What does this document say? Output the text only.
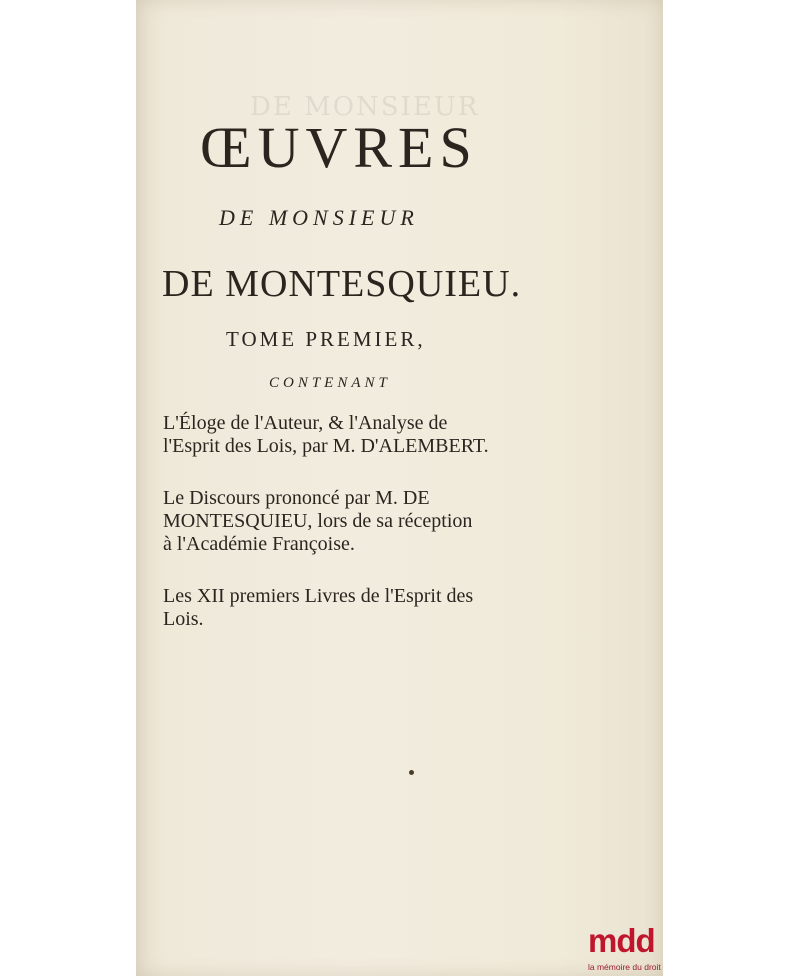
DE MONSIEUR
ŒUVRES
DE MONSIEUR
DE MONTESQUIEU.
TOME PREMIER,
CONTENANT
L'Éloge de l'Auteur, & l'Analyse de
l'Esprit des Lois, par M. D'ALEMBERT.
Le Discours prononcé par M. DE
MONTESQUIEU, lors de sa réception
à l'Académie Françoise.
Les XII premiers Livres de l'Esprit des
Lois.
mdd
la mémoire du droit
